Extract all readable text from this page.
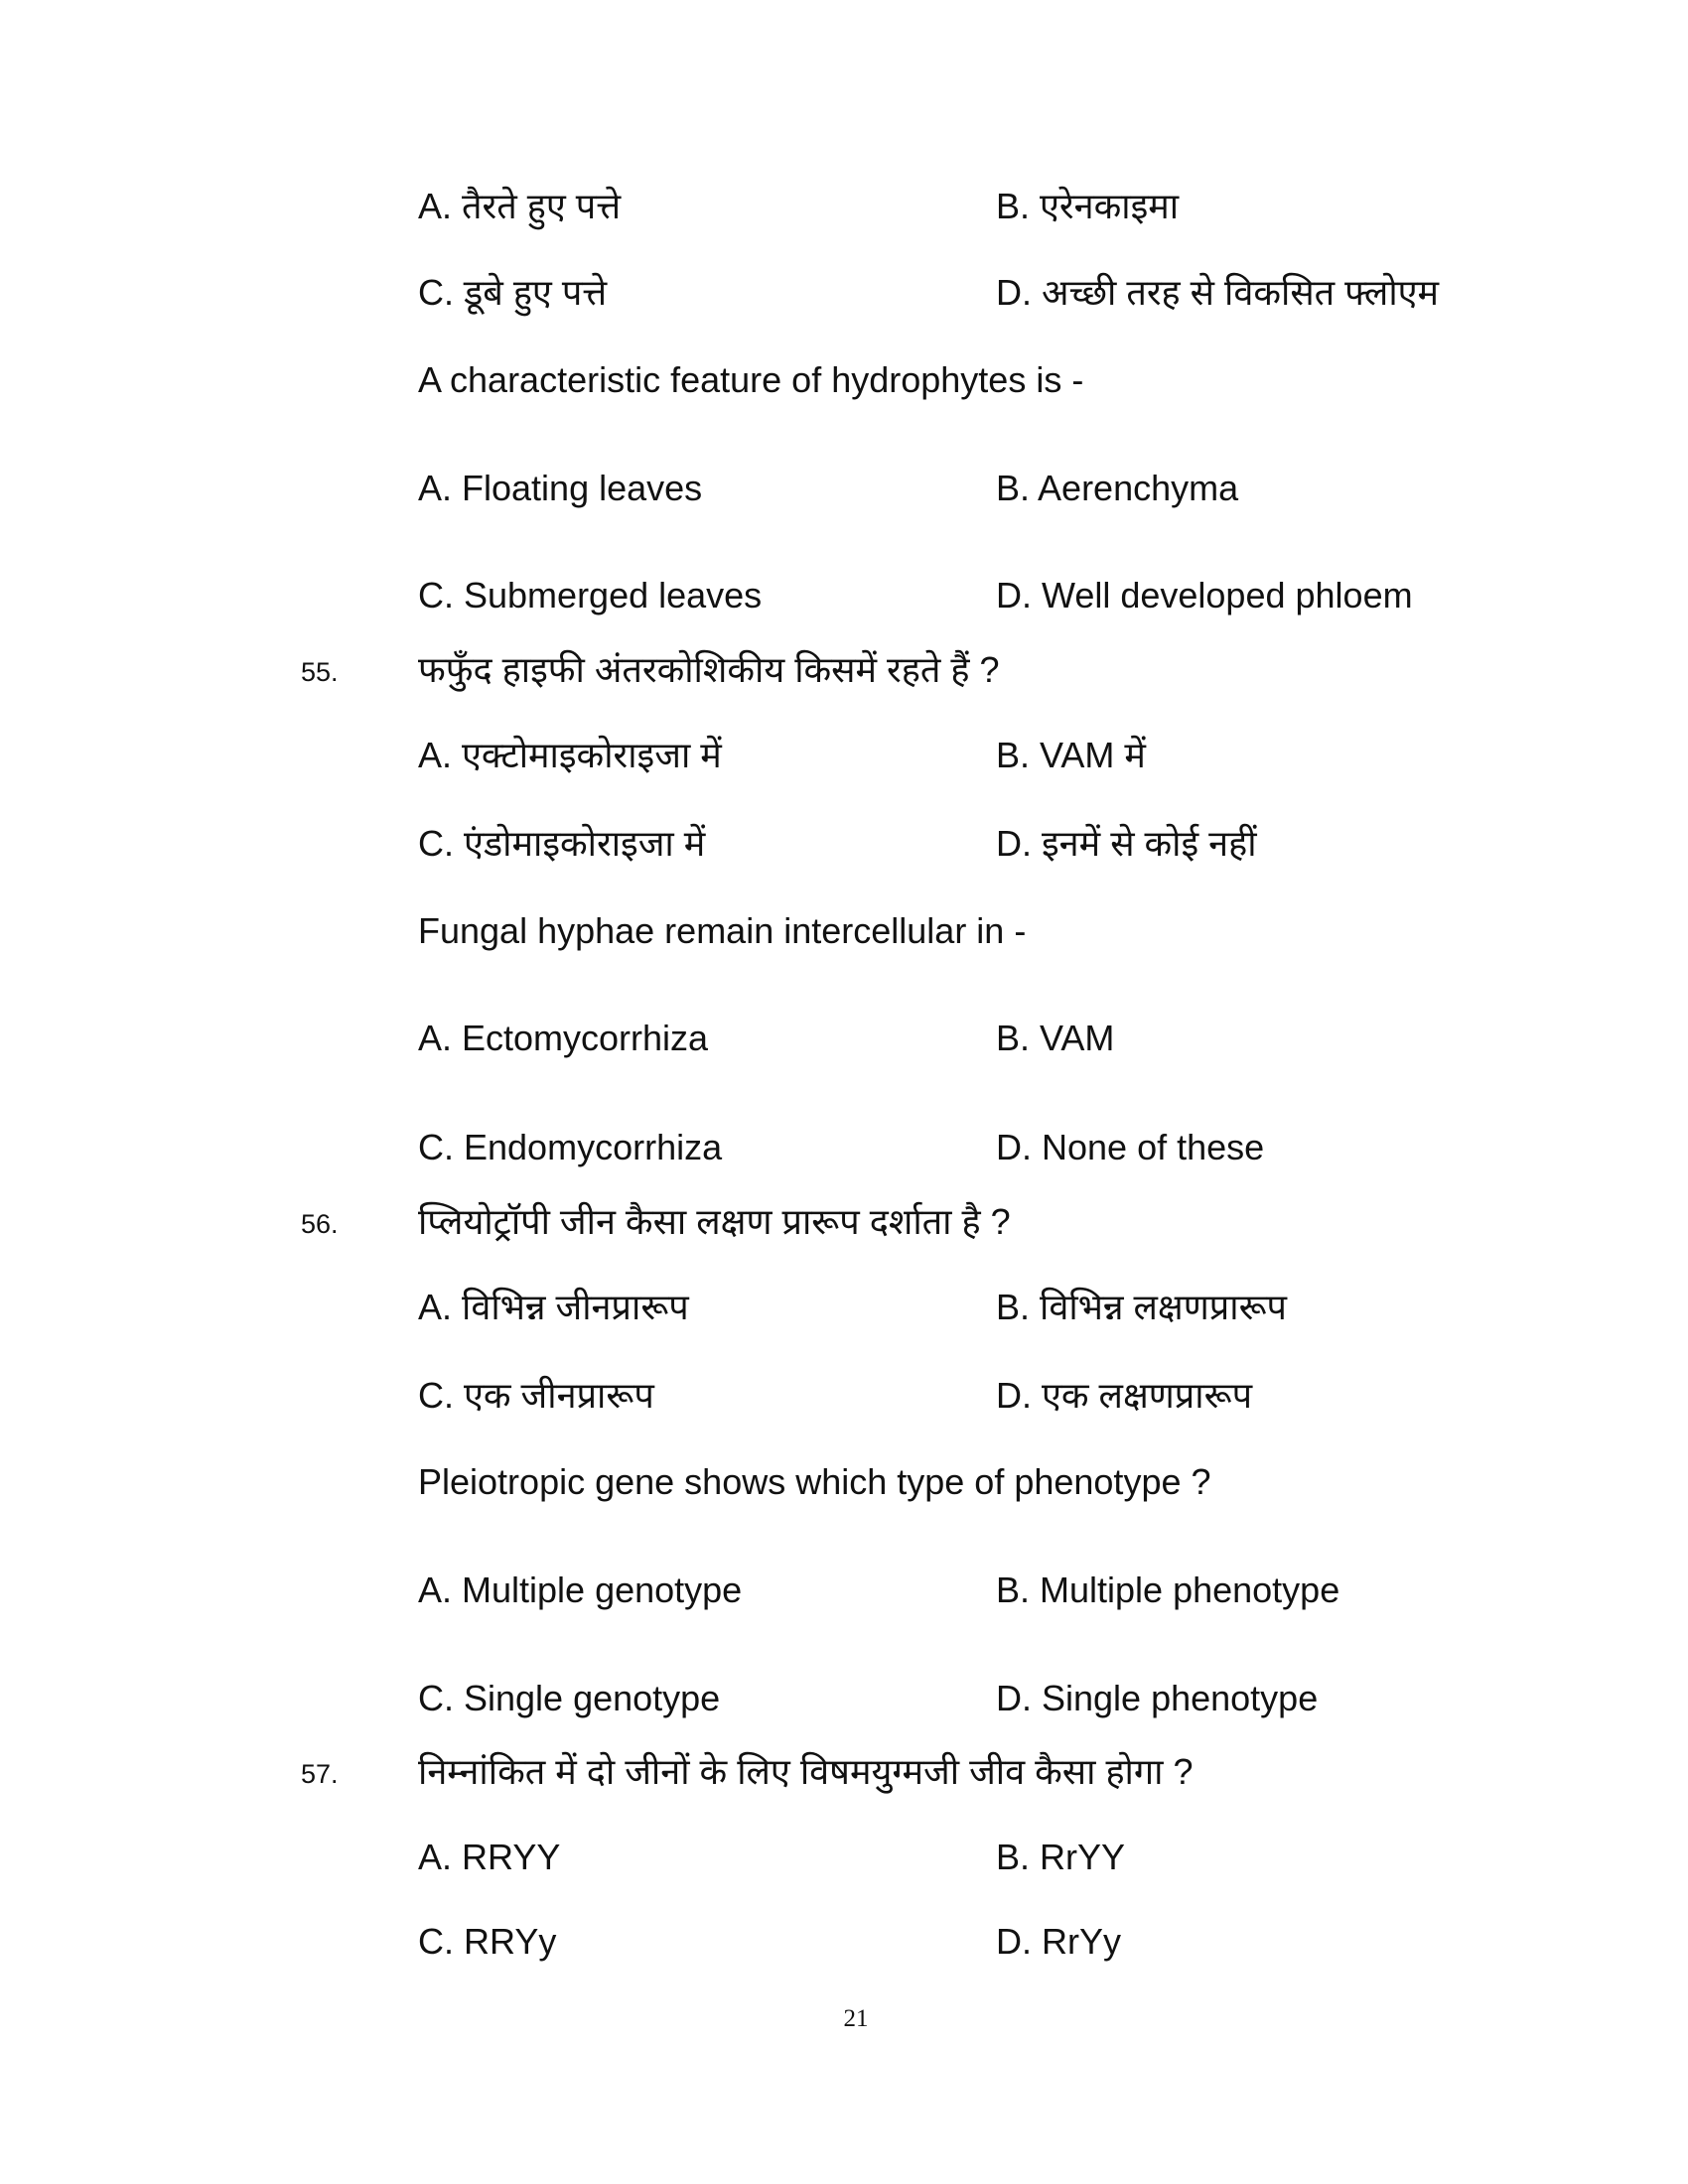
A. तैरते हुए पत्ते	B. एरेनकाइमा
C. डूबे हुए पत्ते	D. अच्छी तरह से विकसित फ्लोएम
A characteristic feature of hydrophytes is -
A. Floating leaves	B. Aerenchyma
C. Submerged leaves	D. Well developed phloem
55. फफुँद हाइफी अंतरकोशिकीय किसमें रहते हैं ?
A. एक्टोमाइकोराइजा में	B. VAM में
C. एंडोमाइकोराइजा में	D. इनमें से कोई नहीं
Fungal hyphae remain intercellular in -
A. Ectomycorrhiza	B. VAM
C. Endomycorrhiza	D. None of these
56. प्लियोट्रॉपी जीन कैसा लक्षण प्रारूप दर्शाता है ?
A. विभिन्न जीनप्रारूप	B. विभिन्न लक्षणप्रारूप
C. एक जीनप्रारूप	D. एक लक्षणप्रारूप
Pleiotropic gene shows which type of phenotype ?
A. Multiple genotype	B. Multiple phenotype
C. Single genotype	D. Single phenotype
57. निम्नांकित में दो जीनों के लिए विषमयुग्मजी जीव कैसा होगा ?
A. RRYY	B. RrYY
C. RRYy	D. RrYy
21
